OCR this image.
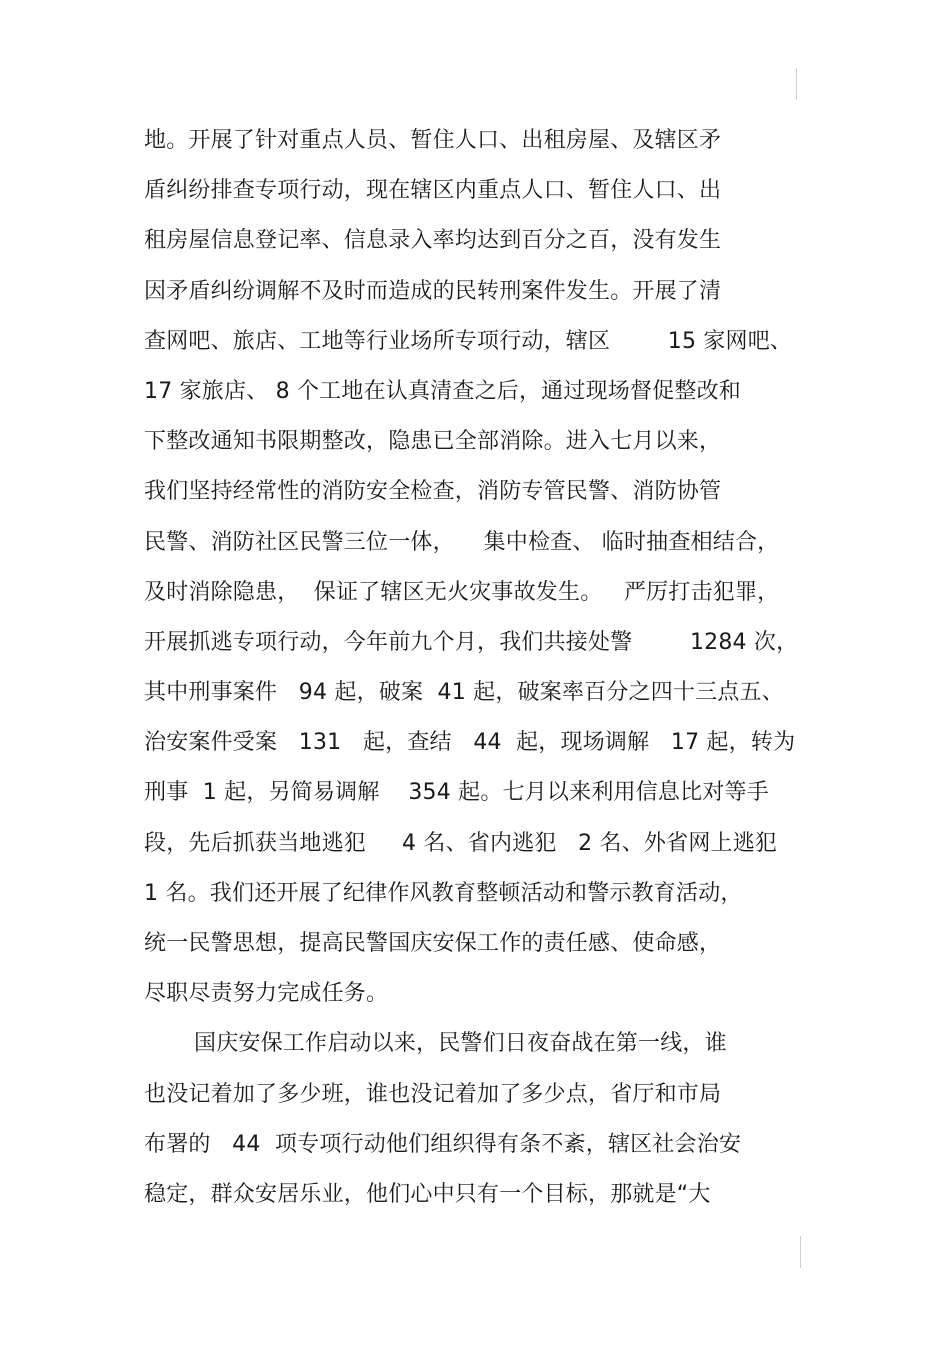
地。开展了针对重点人员、暂住人口、出租房屋、及辖区矛
盾纠纷排查专项行动，现在辖区内重点人口、暂住人口、出
租房屋信息登记率、信息录入率均达到百分之百，没有发生
因矛盾纠纷调解不及时而造成的民转刑案件发生。开展了清
查网吧、旅店、工地等行业场所专项行动，辖区        15 家网吧、
17 家旅店、 8 个工地在认真清查之后，通过现场督促整改和
下整改通知书限期整改，隐患已全部消除。进入七月以来，
我们坚持经常性的消防安全检查，消防专管民警、消防协管
民警、消防社区民警三位一体，    集中检查、 临时抽查相结合，
及时消除隐患，  保证了辖区无火灾事故发生。   严厉打击犯罪，
开展抓逃专项行动，今年前九个月，我们共接处警        1284 次，
其中刑事案件   94 起，破案  41 起，破案率百分之四十三点五、
治安案件受案   131   起，查结   44  起，现场调解   17 起，转为
刑事  1 起，另简易调解    354 起。七月以来利用信息比对等手
段，先后抓获当地逃犯     4 名、省内逃犯   2 名、外省网上逃犯
1 名。我们还开展了纪律作风教育整顿活动和警示教育活动，
统一民警思想，提高民警国庆安保工作的责任感、使命感，
尽职尽责努力完成任务。
国庆安保工作启动以来，民警们日夜奋战在第一线，谁
也没记着加了多少班，谁也没记着加了多少点，省厅和市局
布署的   44  项专项行动他们组织得有条不紊，辖区社会治安
稳定，群众安居乐业，他们心中只有一个目标，那就是“大
